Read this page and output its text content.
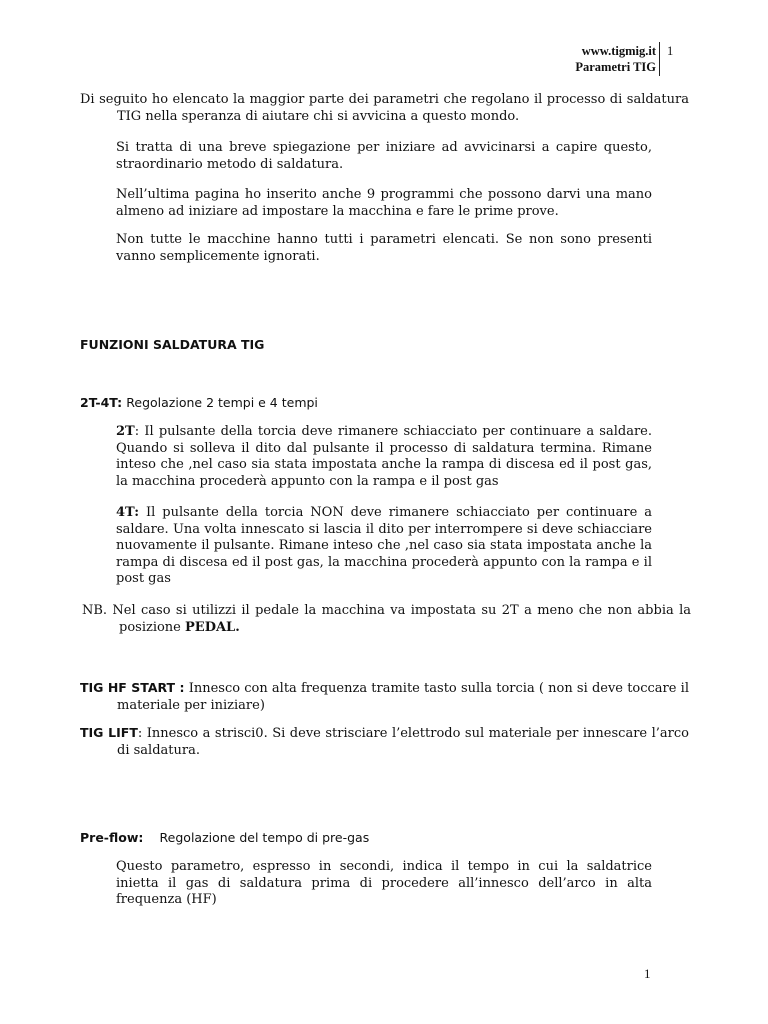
www.tigmig.it
Parametri TIG
1
Di seguito ho elencato la maggior parte dei parametri che regolano il processo di saldatura TIG nella speranza di aiutare chi si avvicina a questo mondo.
Si tratta di una breve spiegazione per iniziare ad avvicinarsi a capire questo, straordinario metodo di saldatura.
Nell’ultima pagina ho inserito anche 9 programmi che possono darvi una mano almeno ad iniziare ad impostare la macchina e fare le prime prove.
Non tutte le macchine hanno tutti i parametri elencati. Se non sono presenti vanno semplicemente ignorati.
FUNZIONI SALDATURA TIG
2T-4T: Regolazione 2 tempi e 4 tempi
2T: Il pulsante della torcia deve rimanere schiacciato per continuare a saldare. Quando si solleva il dito dal pulsante il processo di saldatura termina. Rimane inteso che ,nel caso sia stata impostata anche la rampa di discesa ed il post gas, la macchina procederà appunto con la rampa e il post gas
4T: Il pulsante della torcia NON deve rimanere schiacciato per continuare a saldare. Una volta innescato si lascia il dito per interrompere si deve schiacciare nuovamente il pulsante. Rimane inteso che ,nel caso sia stata impostata anche la rampa di discesa ed il post gas, la macchina procederà appunto con la rampa e il post gas
NB. Nel caso si utilizzi il pedale la macchina va impostata su 2T a meno che non abbia la posizione PEDAL.
TIG HF START : Innesco con alta frequenza tramite tasto sulla torcia ( non si deve toccare il materiale per iniziare)
TIG LIFT: Innesco a strisci0. Si deve strisciare l’elettrodo sul materiale per innescare l’arco di saldatura.
Pre-flow: Regolazione del tempo di pre-gas
Questo parametro, espresso in secondi, indica il tempo in cui la saldatrice inietta il gas di saldatura prima di procedere all’innesco dell’arco in alta frequenza (HF)
1
